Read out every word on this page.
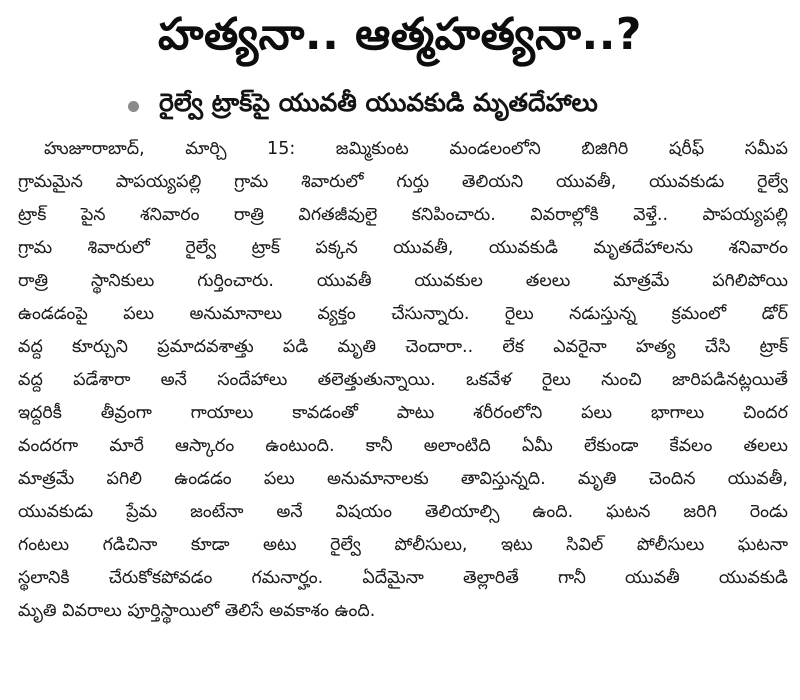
హత్యనా.. ఆత్మహత్యనా..?
రైల్వే ట్రాక్‌పై యువతీ యువకుడి మృతదేహాలు
హుజూరాబాద్, మార్చి 15: జమ్మికుంట మండలంలోని బిజిగిరి షరీఫ్ సమీప
గ్రామమైన పాపయ్యపల్లి గ్రామ శివారులో గుర్తు తెలియని యువతీ, యువకుడు రైల్వే
ట్రాక్ పైన శనివారం రాత్రి విగతజీవులై కనిపించారు. వివరాల్లోకి వెళ్తే.. పాపయ్యపల్లి
గ్రామ శివారులో రైల్వే ట్రాక్ పక్కన యువతీ, యువకుడి మృతదేహాలను శనివారం
రాత్రి స్థానికులు గుర్తించారు. యువతీ యువకుల తలలు మాత్రమే పగిలిపోయి
ఉండడంపై పలు అనుమానాలు వ్యక్తం చేసున్నారు. రైలు నడుస్తున్న క్రమంలో డోర్
వద్ద కూర్చుని ప్రమాదవశాత్తు పడి మృతి చెందారా.. లేక ఎవరైనా హత్య చేసి ట్రాక్
వద్ద పడేశారా అనే సందేహాలు తలెత్తుతున్నాయి. ఒకవేళ రైలు నుంచి జారిపడినట్లయితే
ఇద్దరికీ తీవ్రంగా గాయాలు కావడంతో పాటు శరీరంలోని పలు భాగాలు చిందర
వందరగా మారే ఆస్కారం ఉంటుంది. కానీ అలాంటిది ఏమీ లేకుండా కేవలం తలలు
మాత్రమే పగిలి ఉండడం పలు అనుమానాలకు తావిస్తున్నది. మృతి చెందిన యువతీ,
యువకుడు ప్రేమ జంటేనా అనే విషయం తెలియాల్సి ఉంది. ఘటన జరిగి రెండు
గంటలు గడిచినా కూడా అటు రైల్వే పోలీసులు, ఇటు సివిల్ పోలీసులు ఘటనా
స్థలానికి చేరుకోకపోవడం గమనార్హం. ఏదేమైనా తెల్లారితే గానీ యువతీ యువకుడి
మృతి వివరాలు పూర్తిస్థాయిలో తెలిసే అవకాశం ఉంది.
